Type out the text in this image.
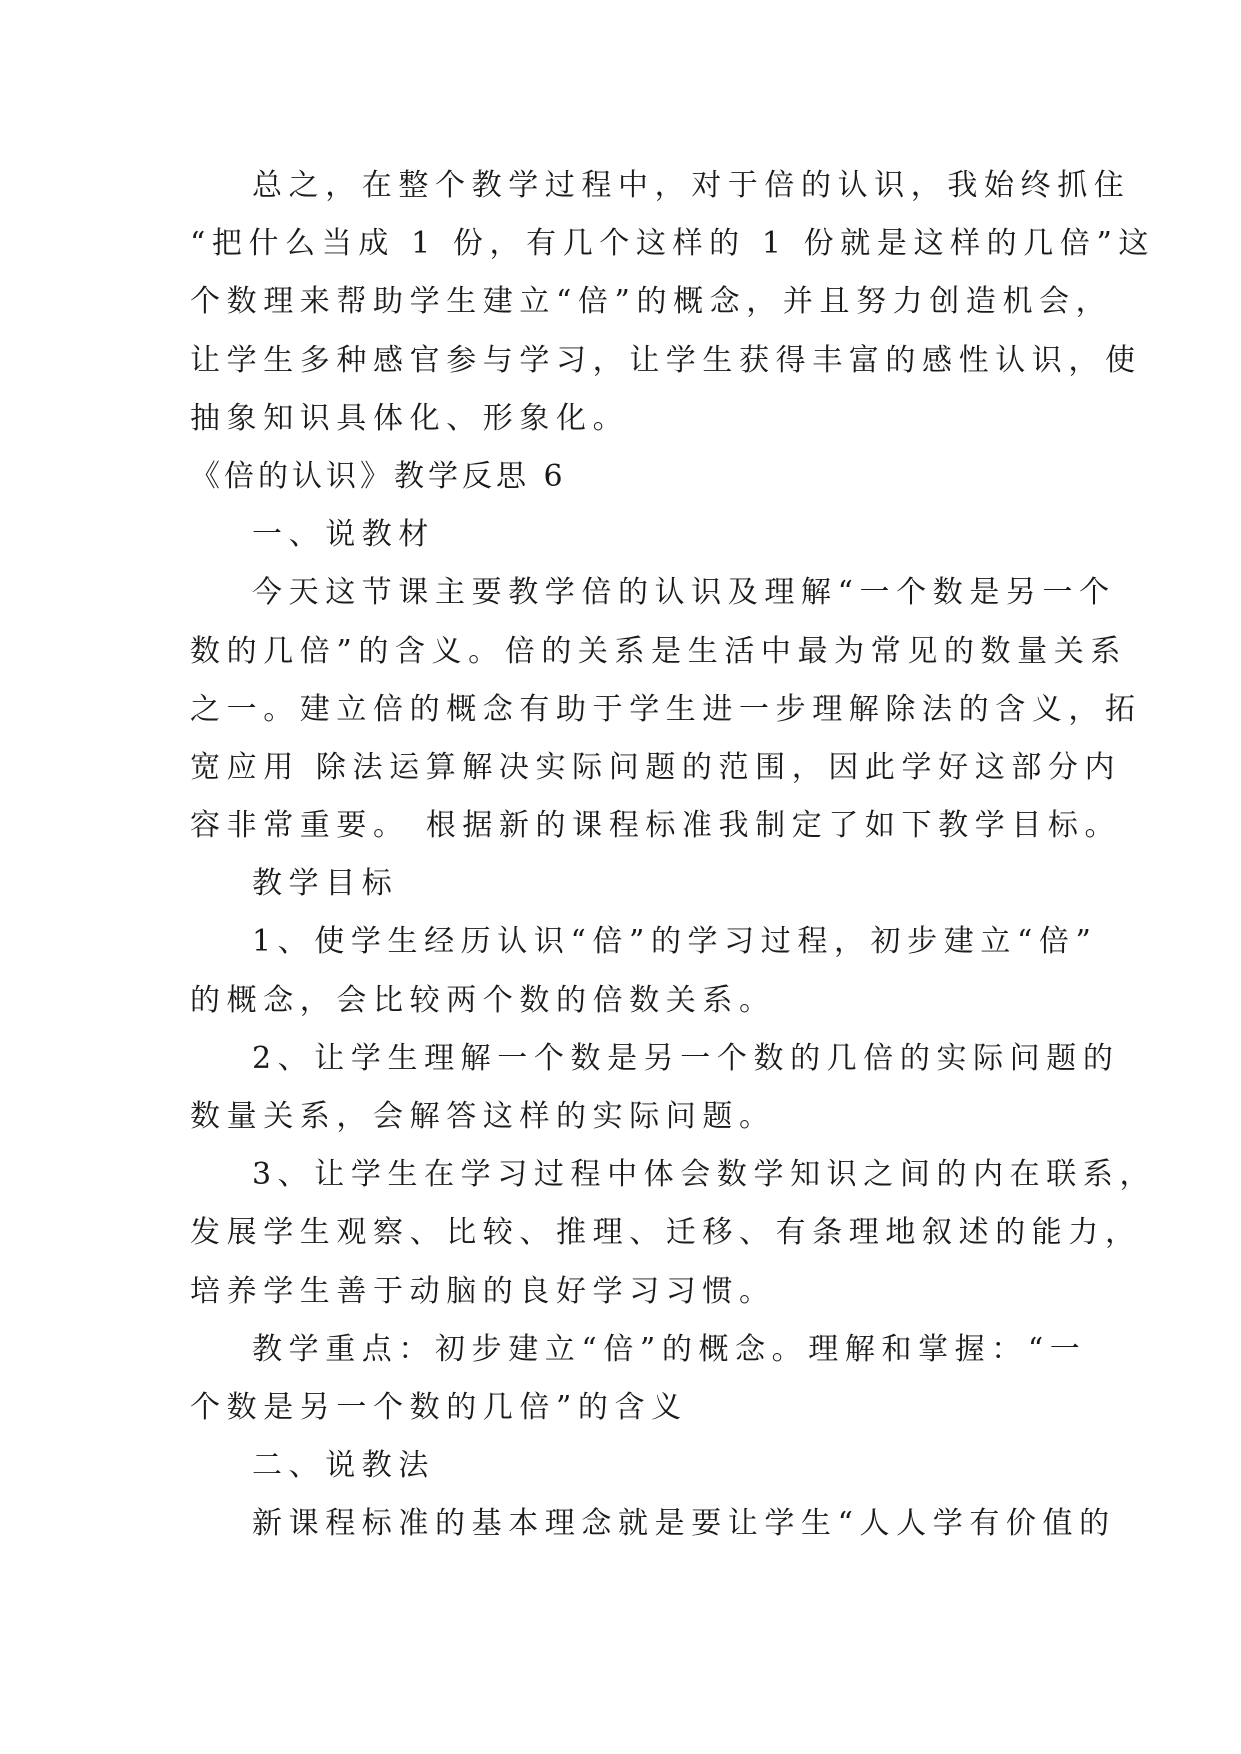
总之，在整个教学过程中，对于倍的认识，我始终抓住
“把什么当成 1 份，有几个这样的 1 份就是这样的几倍”这
个数理来帮助学生建立“倍”的概念，并且努力创造机会，
让学生多种感官参与学习，让学生获得丰富的感性认识，使
抽象知识具体化、形象化。
《倍的认识》教学反思 6
一、说教材
今天这节课主要教学倍的认识及理解“一个数是另一个
数的几倍”的含义。倍的关系是生活中最为常见的数量关系
之一。建立倍的概念有助于学生进一步理解除法的含义，拓
宽应用 除法运算解决实际问题的范围，因此学好这部分内
容非常重要。 根据新的课程标准我制定了如下教学目标。
教学目标
1、使学生经历认识“倍”的学习过程，初步建立“倍”
的概念，会比较两个数的倍数关系。
2、让学生理解一个数是另一个数的几倍的实际问题的
数量关系，会解答这样的实际问题。
3、让学生在学习过程中体会数学知识之间的内在联系，
发展学生观察、比较、推理、迁移、有条理地叙述的能力，
培养学生善于动脑的良好学习习惯。
教学重点：初步建立“倍”的概念。理解和掌握：“一
个数是另一个数的几倍”的含义
二、说教法
新课程标准的基本理念就是要让学生“人人学有价值的
